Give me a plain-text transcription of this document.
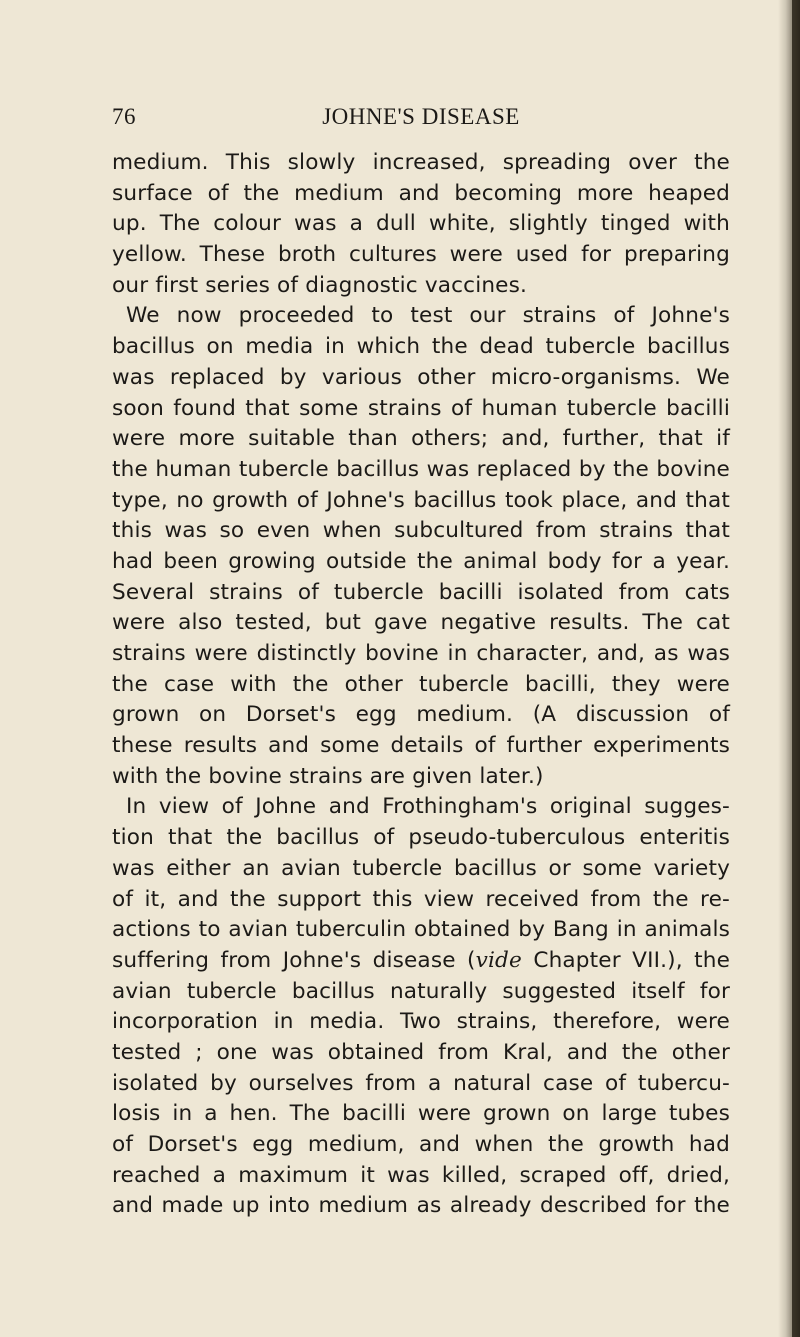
76	JOHNE'S DISEASE
medium. This slowly increased, spreading over the
surface of the medium and becoming more heaped
up. The colour was a dull white, slightly tinged with
yellow. These broth cultures were used for preparing
our first series of diagnostic vaccines.
We now proceeded to test our strains of Johne's
bacillus on media in which the dead tubercle bacillus
was replaced by various other micro-organisms. We
soon found that some strains of human tubercle bacilli
were more suitable than others; and, further, that if
the human tubercle bacillus was replaced by the bovine
type, no growth of Johne's bacillus took place, and that
this was so even when subcultured from strains that
had been growing outside the animal body for a year.
Several strains of tubercle bacilli isolated from cats
were also tested, but gave negative results. The cat
strains were distinctly bovine in character, and, as was
the case with the other tubercle bacilli, they were
grown on Dorset's egg medium. (A discussion of
these results and some details of further experiments
with the bovine strains are given later.)
In view of Johne and Frothingham's original sugges-
tion that the bacillus of pseudo-tuberculous enteritis
was either an avian tubercle bacillus or some variety
of it, and the support this view received from the re-
actions to avian tuberculin obtained by Bang in animals
suffering from Johne's disease (vide Chapter VII.), the
avian tubercle bacillus naturally suggested itself for
incorporation in media. Two strains, therefore, were
tested ; one was obtained from Kral, and the other
isolated by ourselves from a natural case of tubercu-
losis in a hen. The bacilli were grown on large tubes
of Dorset's egg medium, and when the growth had
reached a maximum it was killed, scraped off, dried,
and made up into medium as already described for the
